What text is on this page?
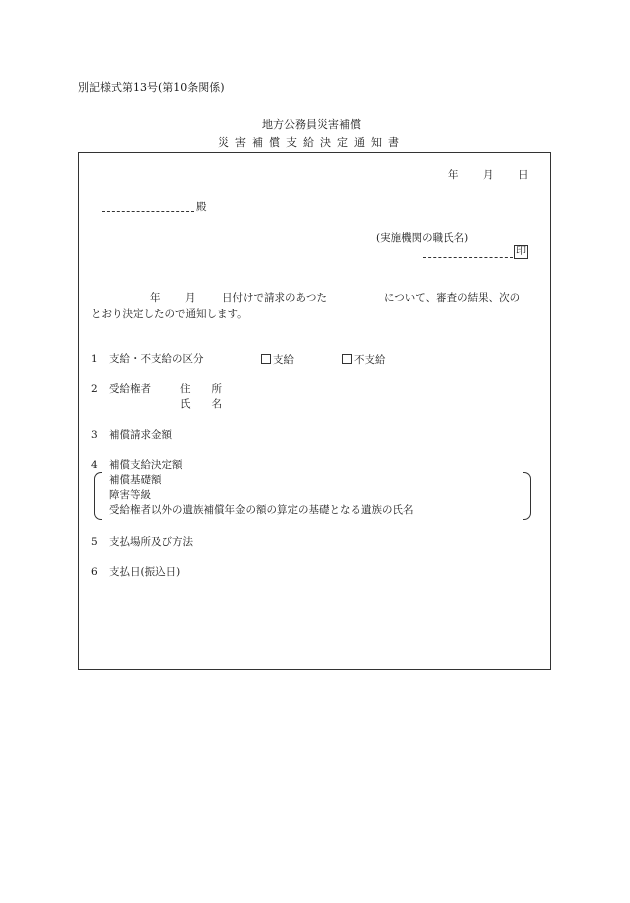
別記様式第13号(第10条関係)
地方公務員災害補償
災害補償支給決定通知書
年 月 日
殿
(実施機関の職氏名)
印
年 月	日付けで請求のあつた	について、審査の結果、次の
とおり決定したので通知します。
1 支給・不支給の区分	支給	不支給
2 受給権者	住　　所
氏　　名
3 補償請求金額
4 補償支給決定額
補償基礎額
障害等級
受給権者以外の遺族補償年金の額の算定の基礎となる遺族の氏名
5 支払場所及び方法
6 支払日(振込日)
